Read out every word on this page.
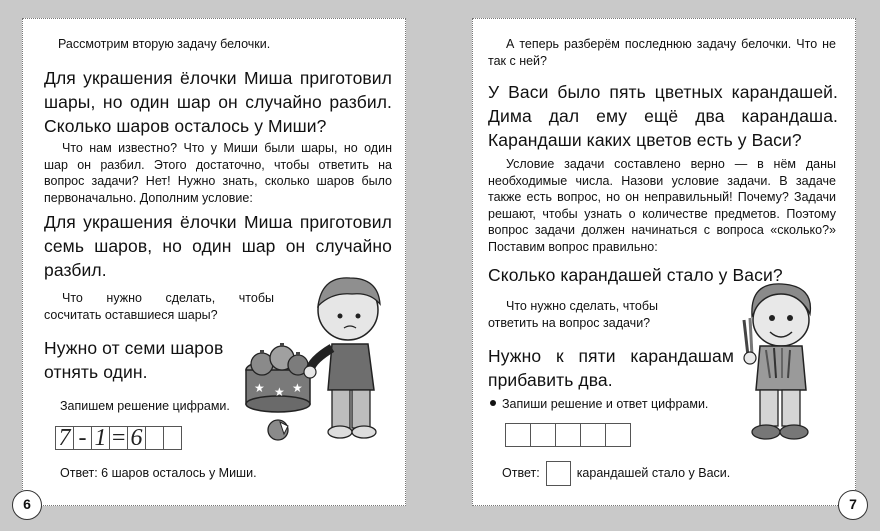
Рассмотрим вторую задачу белочки.
Для украшения ёлочки Миша приготовил шары, но один шар он случайно разбил. Сколько шаров осталось у Миши?
Что нам известно? Что у Миши были шары, но один шар он разбил. Этого достаточно, чтобы ответить на вопрос задачи? Нет! Нужно знать, сколько шаров было первоначально. Дополним условие:
Для украшения ёлочки Миша приготовил семь шаров, но один шар он случайно разбил.
Что нужно сделать, чтобы сосчитать оставшиеся шары?
Нужно от семи шаров отнять один.
Запишем решение цифрами.
7 - 1 = 6
Ответ: 6 шаров осталось у Миши.
★ ★ ★
6
А теперь разберём последнюю задачу белочки. Что не так с ней?
У Васи было пять цветных карандашей. Дима дал ему ещё два карандаша. Карандаши каких цветов есть у Васи?
Условие задачи составлено верно — в нём даны необходимые числа. Назови условие задачи. В задаче также есть вопрос, но он неправильный! Почему? Задачи решают, чтобы узнать о количестве предметов. Поэтому вопрос задачи должен начинаться с вопроса «сколько?» Поставим вопрос правильно:
Сколько карандашей стало у Васи?
Что нужно сделать, чтобы ответить на вопрос задачи?
Нужно к пяти карандашам прибавить два.
Запиши решение и ответ цифрами.
Ответ:	карандашей стало у Васи.
7
